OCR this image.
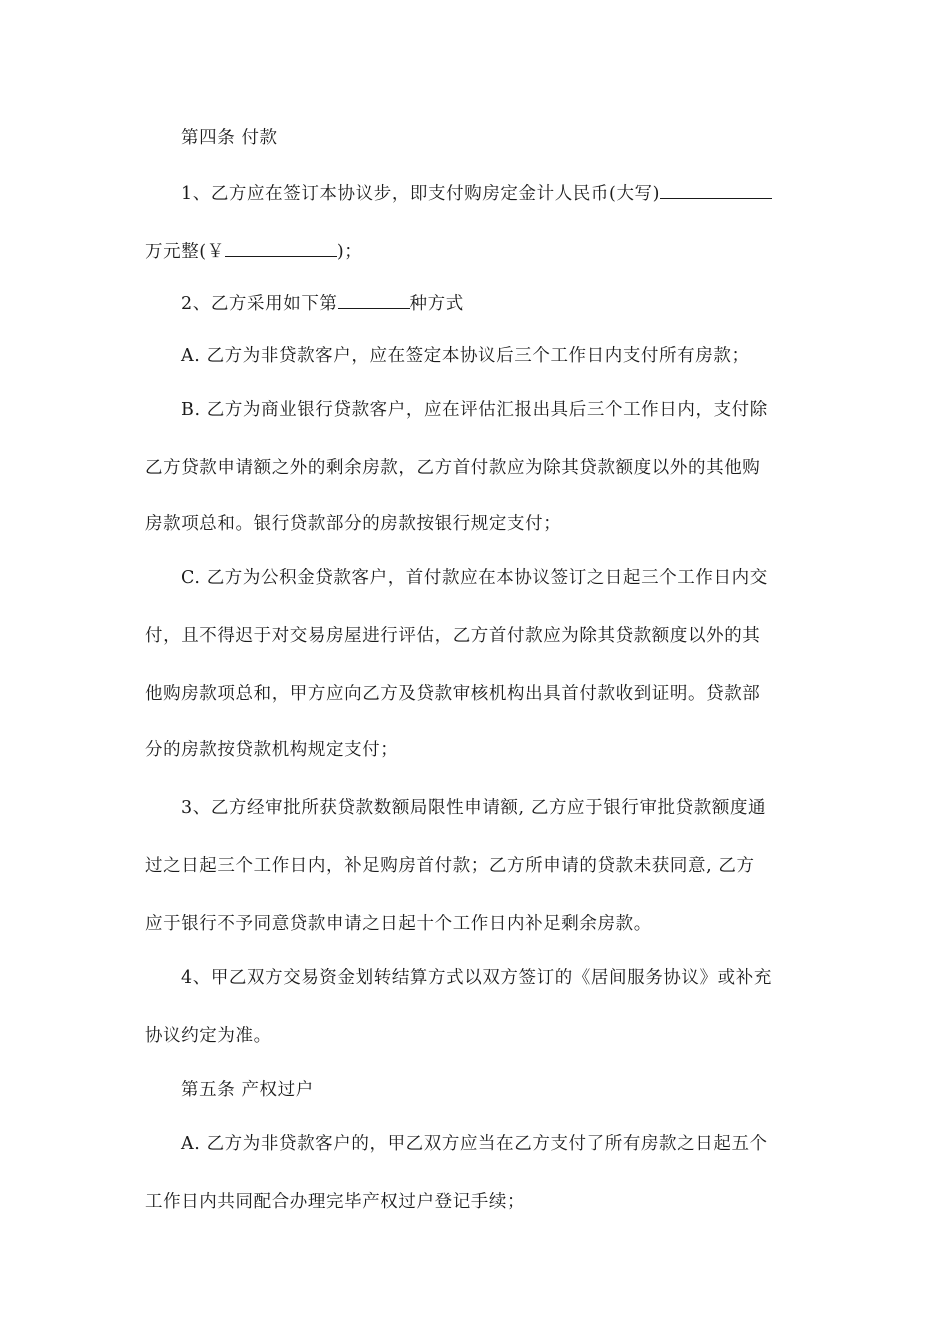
第四条 付款
1、乙方应在签订本协议步，即支付购房定金计人民币(大写)
万元整(￥	)；
2、乙方采用如下第	种方式
A. 乙方为非贷款客户，应在签定本协议后三个工作日内支付所有房款；
B. 乙方为商业银行贷款客户，应在评估汇报出具后三个工作日内，支付除
乙方贷款申请额之外的剩余房款，乙方首付款应为除其贷款额度以外的其他购
房款项总和。银行贷款部分的房款按银行规定支付；
C. 乙方为公积金贷款客户，首付款应在本协议签订之日起三个工作日内交
付，且不得迟于对交易房屋进行评估，乙方首付款应为除其贷款额度以外的其
他购房款项总和，甲方应向乙方及贷款审核机构出具首付款收到证明。贷款部
分的房款按贷款机构规定支付；
3、乙方经审批所获贷款数额局限性申请额, 乙方应于银行审批贷款额度通
过之日起三个工作日内，补足购房首付款；乙方所申请的贷款未获同意, 乙方
应于银行不予同意贷款申请之日起十个工作日内补足剩余房款。
4、甲乙双方交易资金划转结算方式以双方签订的《居间服务协议》或补充
协议约定为准。
第五条 产权过户
A. 乙方为非贷款客户的，甲乙双方应当在乙方支付了所有房款之日起五个
工作日内共同配合办理完毕产权过户登记手续；
